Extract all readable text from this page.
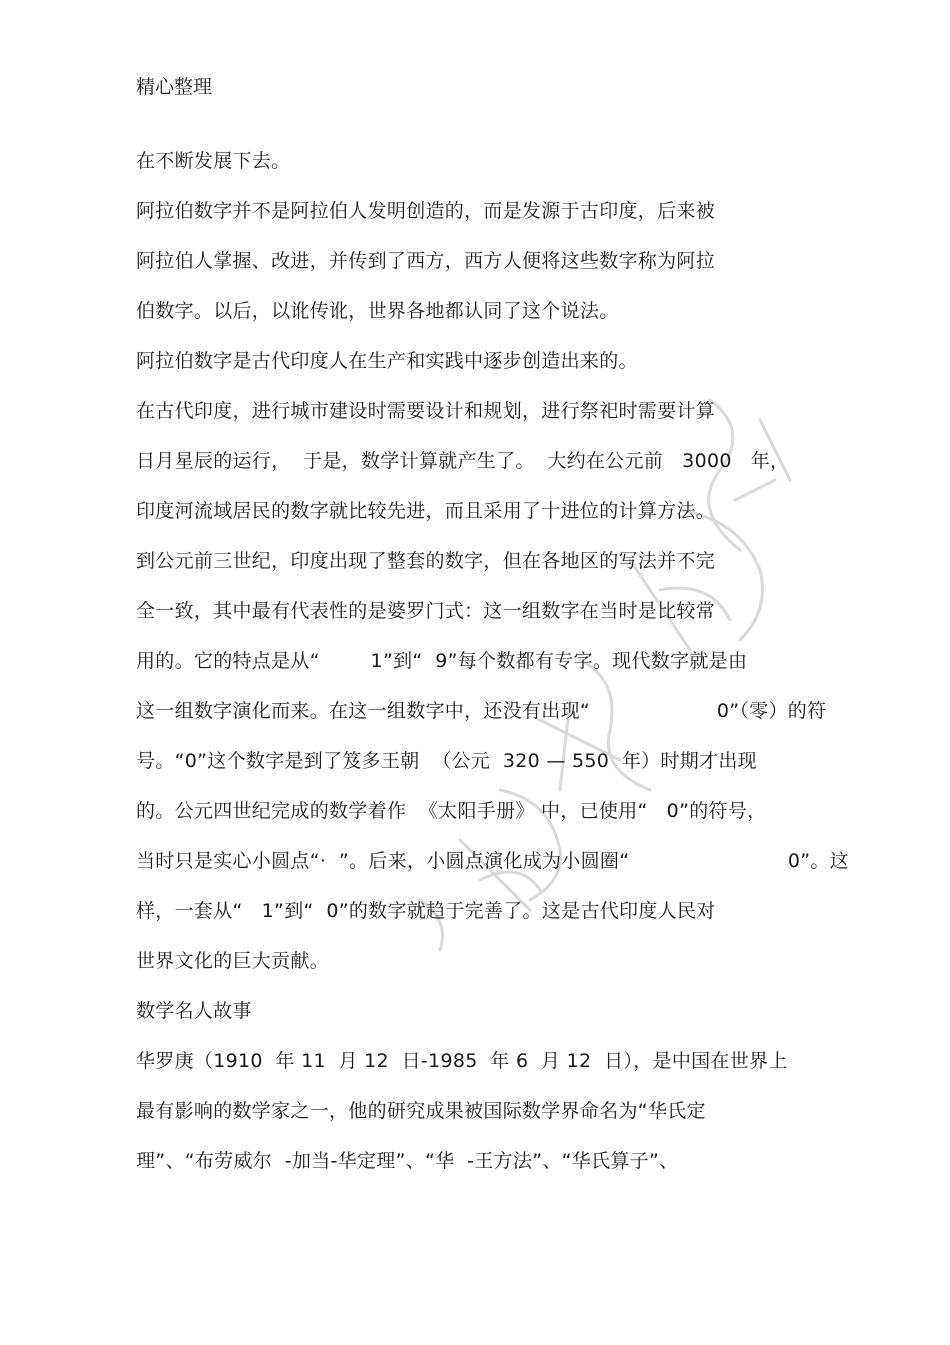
精心整理
在不断发展下去。
阿拉伯数字并不是阿拉伯人发明创造的，而是发源于古印度，后来被
阿拉伯人掌握、改进，并传到了西方，西方人便将这些数字称为阿拉
伯数字。以后，以讹传讹，世界各地都认同了这个说法。
阿拉伯数字是古代印度人在生产和实践中逐步创造出来的。
在古代印度，进行城市建设时需要设计和规划，进行祭祀时需要计算
日月星辰的运行，  于是，数学计算就产生了。  大约在公元前   3000   年，
印度河流域居民的数字就比较先进，而且采用了十进位的计算方法。
到公元前三世纪，印度出现了整套的数字，但在各地区的写法并不完
全一致，其中最有代表性的是婆罗门式：这一组数字在当时是比较常
用的。它的特点是从“        1”到“  9”每个数都有专字。现代数字就是由
这一组数字演化而来。在这一组数字中，还没有出现“                    0”（零）的符
号。“0”这个数字是到了笈多王朝  （公元  320 — 550  年）时期才出现
的。公元四世纪完成的数学着作  《太阳手册》 中，已使用“   0”的符号，
当时只是实心小圆点“·  ”。后来，小圆点演化成为小圆圈“                         0”。这
样，一套从“   1”到“  0”的数字就趋于完善了。这是古代印度人民对
世界文化的巨大贡献。
数学名人故事
华罗庚（1910  年 11  月 12  日-1985  年 6  月 12  日），是中国在世界上
最有影响的数学家之一，他的研究成果被国际数学界命名为“华氏定
理”、“布劳威尔  -加当-华定理”、“华  -王方法”、“华氏算子”、
